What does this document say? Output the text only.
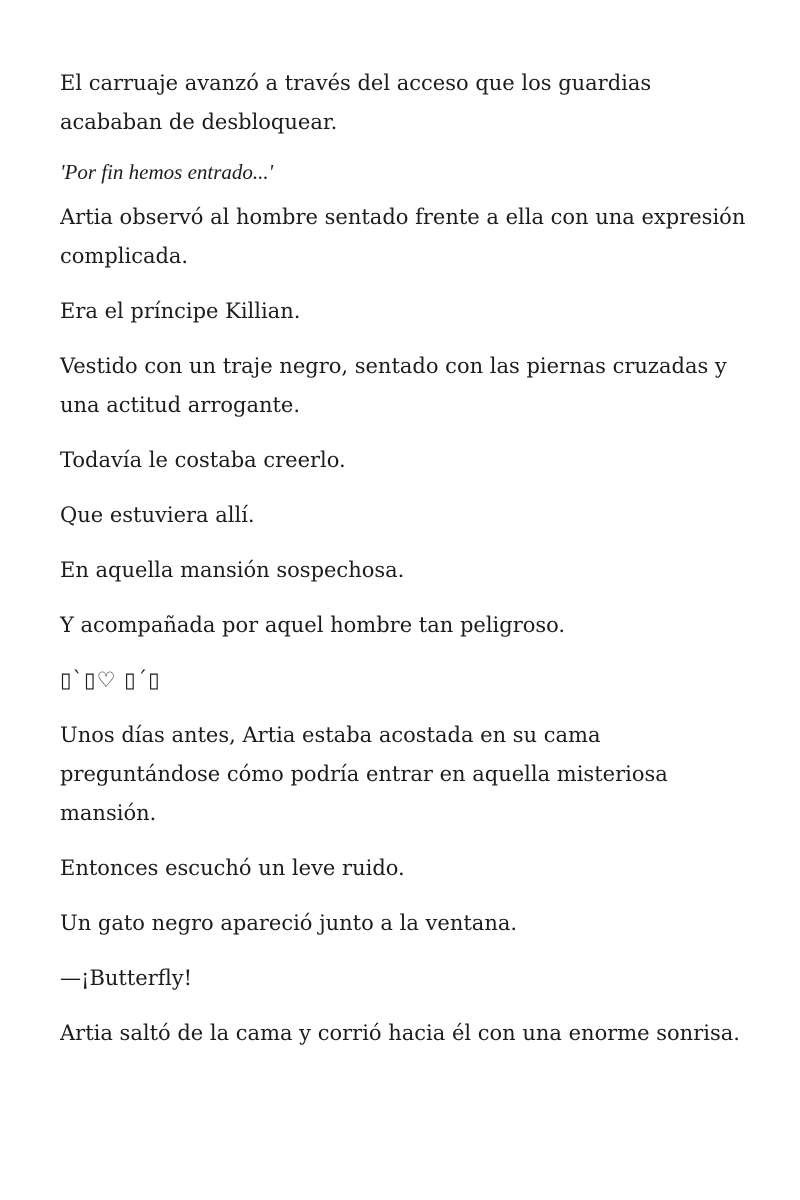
El carruaje avanzó a través del acceso que los guardias acababan de desbloquear.

'Por fin hemos entrado...'

Artia observó al hombre sentado frente a ella con una expresión complicada.

Era el príncipe Killian.

Vestido con un traje negro, sentado con las piernas cruzadas y una actitud arrogante.

Todavía le costaba creerlo.

Que estuviera allí.

En aquella mansión sospechosa.

Y acompañada por aquel hombre tan peligroso.

▯`▯♡ ▯´▯

Unos días antes, Artia estaba acostada en su cama preguntándose cómo podría entrar en aquella misteriosa mansión.

Entonces escuchó un leve ruido.

Un gato negro apareció junto a la ventana.

—¡Butterfly!

Artia saltó de la cama y corrió hacia él con una enorme sonrisa.
